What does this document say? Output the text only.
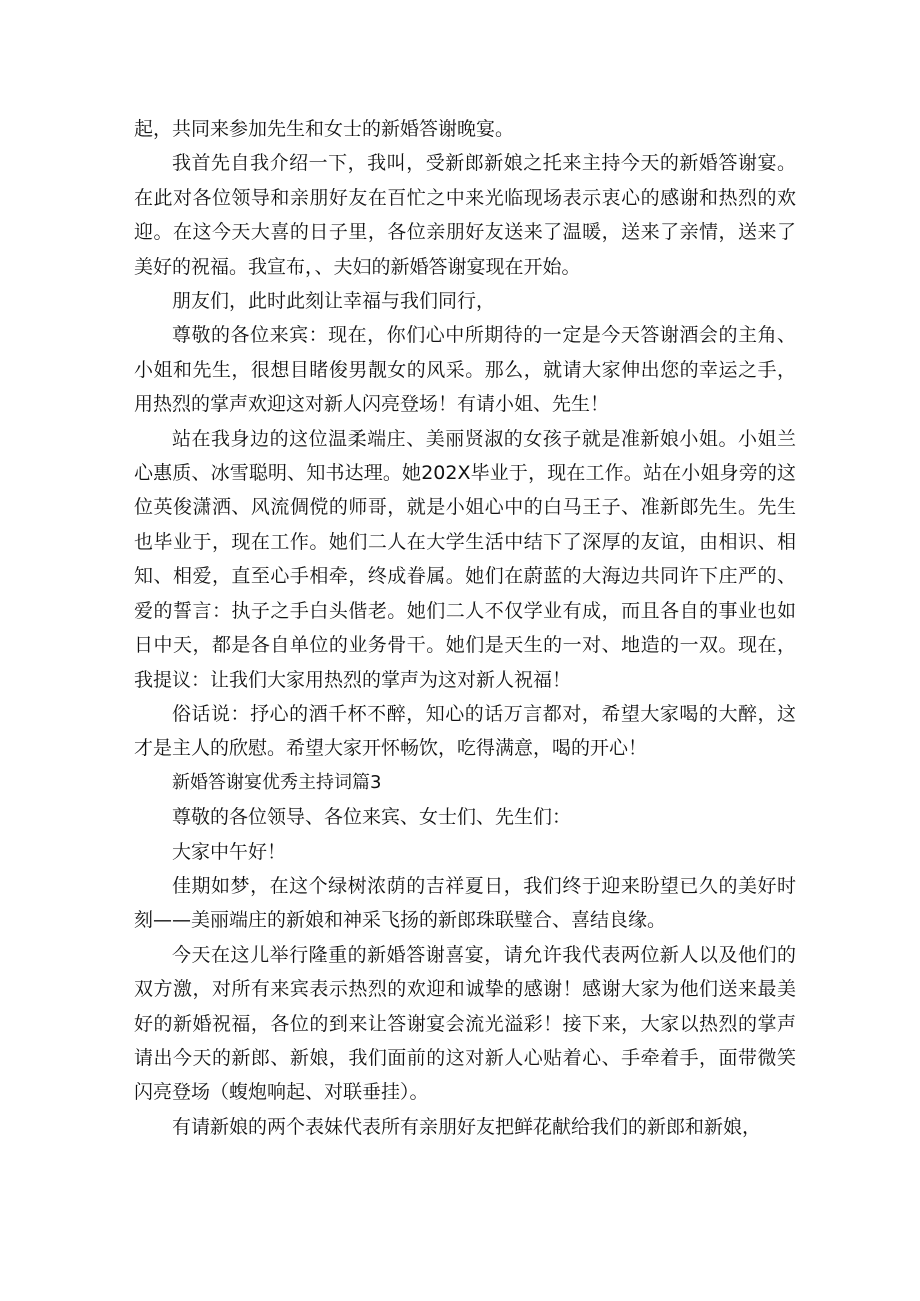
起，共同来参加先生和女士的新婚答谢晚宴。

我首先自我介绍一下，我叫，受新郎新娘之托来主持今天的新婚答谢宴。在此对各位领导和亲朋好友在百忙之中来光临现场表示衷心的感谢和热烈的欢迎。在这今天大喜的日子里，各位亲朋好友送来了温暖，送来了亲情，送来了美好的祝福。我宣布，、夫妇的新婚答谢宴现在开始。

朋友们，此时此刻让幸福与我们同行，

尊敬的各位来宾：现在，你们心中所期待的一定是今天答谢酒会的主角、小姐和先生，很想目睹俊男靓女的风采。那么，就请大家伸出您的幸运之手，用热烈的掌声欢迎这对新人闪亮登场！有请小姐、先生！

站在我身边的这位温柔端庄、美丽贤淑的女孩子就是准新娘小姐。小姐兰心惠质、冰雪聪明、知书达理。她202X毕业于，现在工作。站在小姐身旁的这位英俊潇洒、风流倜傥的师哥，就是小姐心中的白马王子、准新郎先生。先生也毕业于，现在工作。她们二人在大学生活中结下了深厚的友谊，由相识、相知、相爱，直至心手相牵，终成眷属。她们在蔚蓝的大海边共同许下庄严的、爱的誓言：执子之手白头偕老。她们二人不仅学业有成，而且各自的事业也如日中天，都是各自单位的业务骨干。她们是天生的一对、地造的一双。现在，我提议：让我们大家用热烈的掌声为这对新人祝福！

俗话说：抒心的酒千杯不醉，知心的话万言都对，希望大家喝的大醉，这才是主人的欣慰。希望大家开怀畅饮，吃得满意，喝的开心！

新婚答谢宴优秀主持词篇3

尊敬的各位领导、各位来宾、女士们、先生们：

大家中午好！

佳期如梦，在这个绿树浓荫的吉祥夏日，我们终于迎来盼望已久的美好时刻——美丽端庄的新娘和神采飞扬的新郎珠联璧合、喜结良缘。

今天在这儿举行隆重的新婚答谢喜宴，请允许我代表两位新人以及他们的双方激，对所有来宾表示热烈的欢迎和诚挚的感谢！感谢大家为他们送来最美好的新婚祝福，各位的到来让答谢宴会流光溢彩！接下来，大家以热烈的掌声请出今天的新郎、新娘，我们面前的这对新人心贴着心、手牵着手，面带微笑闪亮登场（蝮炮响起、对联垂挂）。

有请新娘的两个表妹代表所有亲朋好友把鲜花献给我们的新郎和新娘，
